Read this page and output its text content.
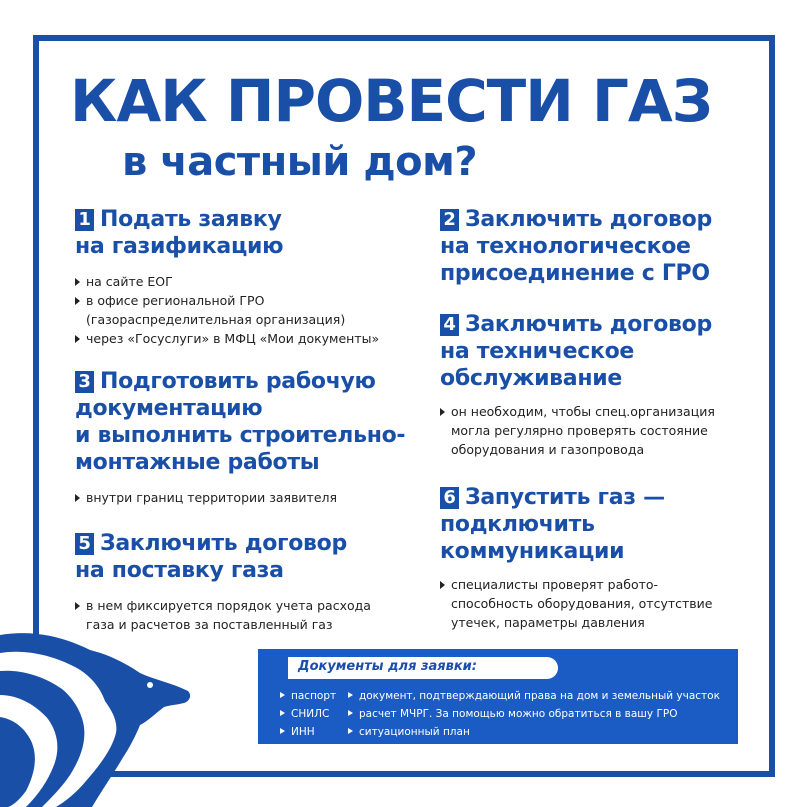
КАК ПРОВЕСТИ ГАЗ
в частный дом?
1 Подать заявку
на газификацию
на сайте ЕОГ
в офисе региональной ГРО
(газораспределительная организация)
через «Госуслуги» в МФЦ «Мои документы»
2 Заключить договор
на технологическое
присоединение с ГРО
3 Подготовить рабочую
документацию
и выполнить строительно-
монтажные работы
внутри границ территории заявителя
4 Заключить договор
на техническое
обслуживание
он необходим, чтобы спец.организация
могла регулярно проверять состояние
оборудования и газопровода
5 Заключить договор
на поставку газа
в нем фиксируется порядок учета расхода
газа и расчетов за поставленный газ
6 Запустить газ —
подключить
коммуникации
специалисты проверят работо-
способность оборудования, отсутствие
утечек, параметры давления
Документы для заявки:
паспорт
СНИЛС
ИНН
документ, подтверждающий права на дом и земельный участок
расчет МЧРГ. За помощью можно обратиться в вашу ГРО
ситуационный план
